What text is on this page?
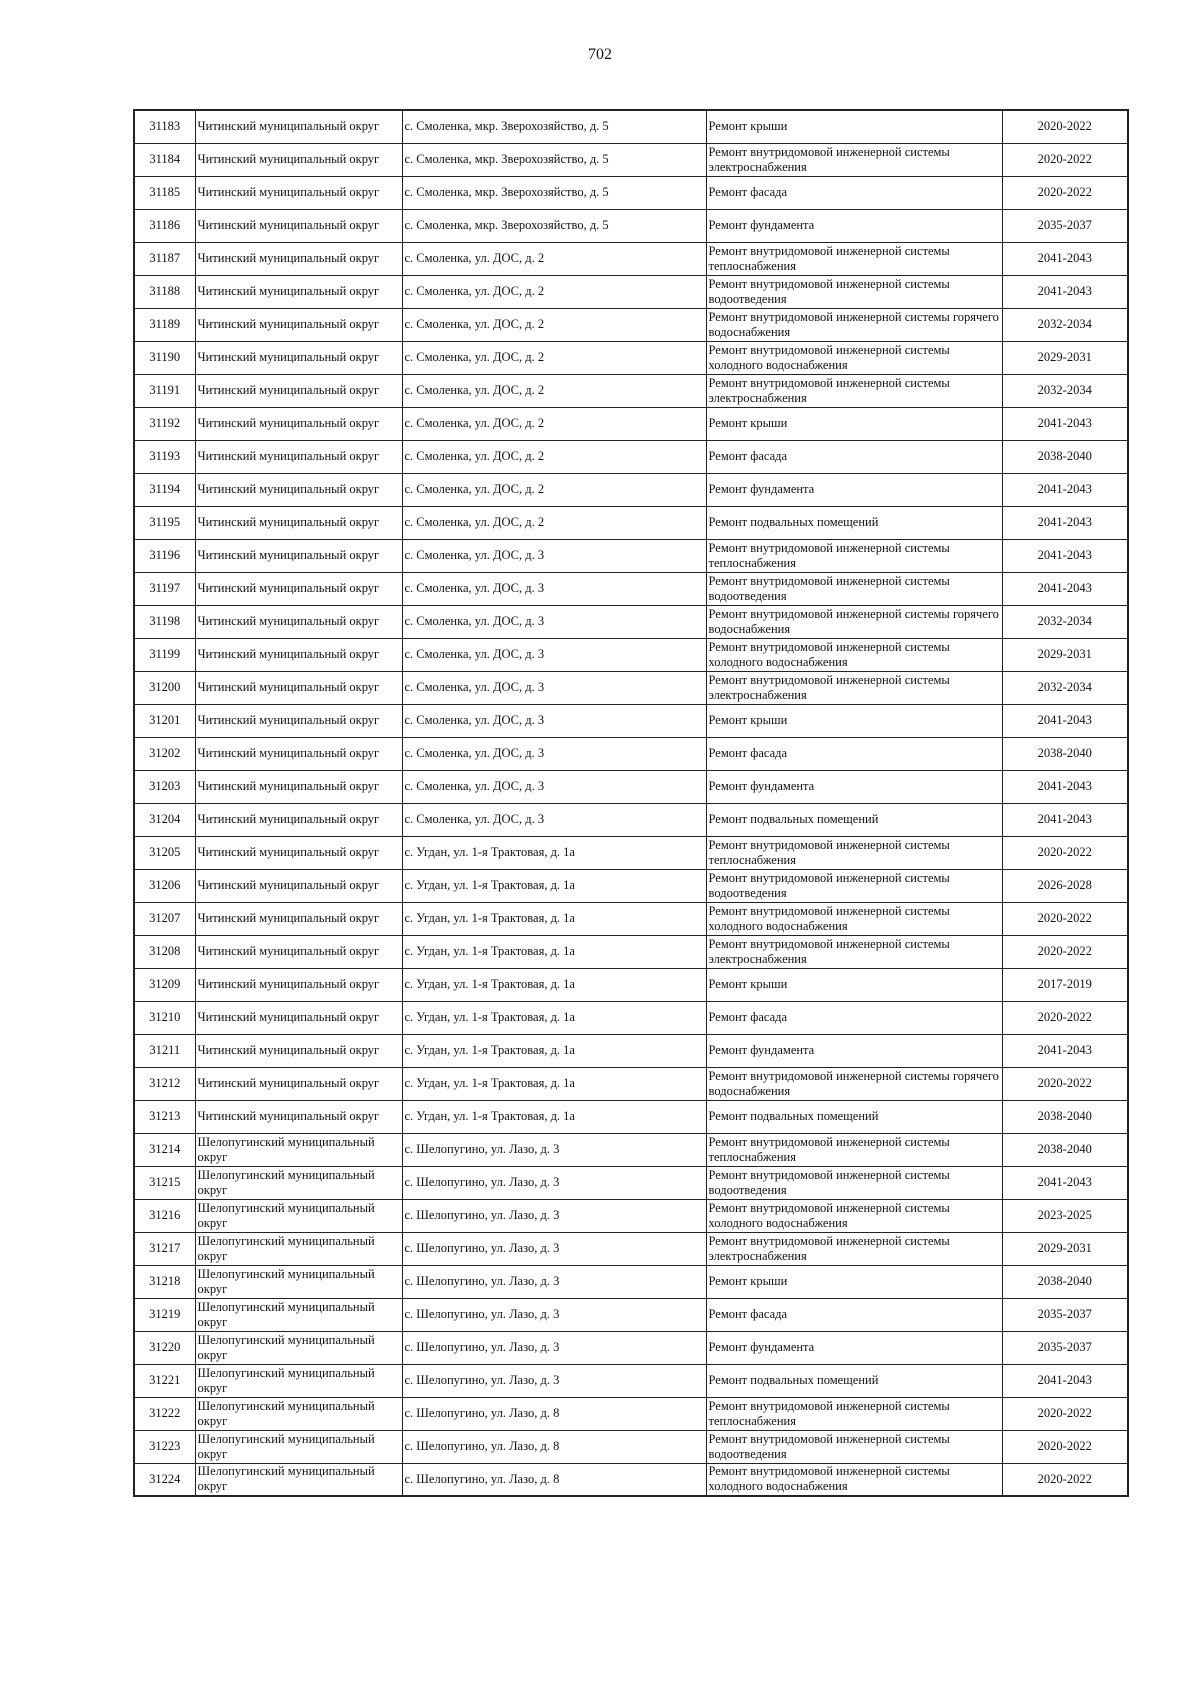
702
31183	Читинский муниципальный округ	с. Смоленка, мкр. Зверохозяйство, д. 5	Ремонт крыши	2020-2022
31184	Читинский муниципальный округ	с. Смоленка, мкр. Зверохозяйство, д. 5	Ремонт внутридомовой инженерной системы электроснабжения	2020-2022
31185	Читинский муниципальный округ	с. Смоленка, мкр. Зверохозяйство, д. 5	Ремонт фасада	2020-2022
31186	Читинский муниципальный округ	с. Смоленка, мкр. Зверохозяйство, д. 5	Ремонт фундамента	2035-2037
31187	Читинский муниципальный округ	с. Смоленка, ул. ДОС, д. 2	Ремонт внутридомовой инженерной системы теплоснабжения	2041-2043
31188	Читинский муниципальный округ	с. Смоленка, ул. ДОС, д. 2	Ремонт внутридомовой инженерной системы водоотведения	2041-2043
31189	Читинский муниципальный округ	с. Смоленка, ул. ДОС, д. 2	Ремонт внутридомовой инженерной системы горячего водоснабжения	2032-2034
31190	Читинский муниципальный округ	с. Смоленка, ул. ДОС, д. 2	Ремонт внутридомовой инженерной системы холодного водоснабжения	2029-2031
31191	Читинский муниципальный округ	с. Смоленка, ул. ДОС, д. 2	Ремонт внутридомовой инженерной системы электроснабжения	2032-2034
31192	Читинский муниципальный округ	с. Смоленка, ул. ДОС, д. 2	Ремонт крыши	2041-2043
31193	Читинский муниципальный округ	с. Смоленка, ул. ДОС, д. 2	Ремонт фасада	2038-2040
31194	Читинский муниципальный округ	с. Смоленка, ул. ДОС, д. 2	Ремонт фундамента	2041-2043
31195	Читинский муниципальный округ	с. Смоленка, ул. ДОС, д. 2	Ремонт подвальных помещений	2041-2043
31196	Читинский муниципальный округ	с. Смоленка, ул. ДОС, д. 3	Ремонт внутридомовой инженерной системы теплоснабжения	2041-2043
31197	Читинский муниципальный округ	с. Смоленка, ул. ДОС, д. 3	Ремонт внутридомовой инженерной системы водоотведения	2041-2043
31198	Читинский муниципальный округ	с. Смоленка, ул. ДОС, д. 3	Ремонт внутридомовой инженерной системы горячего водоснабжения	2032-2034
31199	Читинский муниципальный округ	с. Смоленка, ул. ДОС, д. 3	Ремонт внутридомовой инженерной системы холодного водоснабжения	2029-2031
31200	Читинский муниципальный округ	с. Смоленка, ул. ДОС, д. 3	Ремонт внутридомовой инженерной системы электроснабжения	2032-2034
31201	Читинский муниципальный округ	с. Смоленка, ул. ДОС, д. 3	Ремонт крыши	2041-2043
31202	Читинский муниципальный округ	с. Смоленка, ул. ДОС, д. 3	Ремонт фасада	2038-2040
31203	Читинский муниципальный округ	с. Смоленка, ул. ДОС, д. 3	Ремонт фундамента	2041-2043
31204	Читинский муниципальный округ	с. Смоленка, ул. ДОС, д. 3	Ремонт подвальных помещений	2041-2043
31205	Читинский муниципальный округ	с. Угдан, ул. 1-я Трактовая, д. 1а	Ремонт внутридомовой инженерной системы теплоснабжения	2020-2022
31206	Читинский муниципальный округ	с. Угдан, ул. 1-я Трактовая, д. 1а	Ремонт внутридомовой инженерной системы водоотведения	2026-2028
31207	Читинский муниципальный округ	с. Угдан, ул. 1-я Трактовая, д. 1а	Ремонт внутридомовой инженерной системы холодного водоснабжения	2020-2022
31208	Читинский муниципальный округ	с. Угдан, ул. 1-я Трактовая, д. 1а	Ремонт внутридомовой инженерной системы электроснабжения	2020-2022
31209	Читинский муниципальный округ	с. Угдан, ул. 1-я Трактовая, д. 1а	Ремонт крыши	2017-2019
31210	Читинский муниципальный округ	с. Угдан, ул. 1-я Трактовая, д. 1а	Ремонт фасада	2020-2022
31211	Читинский муниципальный округ	с. Угдан, ул. 1-я Трактовая, д. 1а	Ремонт фундамента	2041-2043
31212	Читинский муниципальный округ	с. Угдан, ул. 1-я Трактовая, д. 1а	Ремонт внутридомовой инженерной системы горячего водоснабжения	2020-2022
31213	Читинский муниципальный округ	с. Угдан, ул. 1-я Трактовая, д. 1а	Ремонт подвальных помещений	2038-2040
31214	Шелопугинский муниципальный округ	с. Шелопугино, ул. Лазо, д. 3	Ремонт внутридомовой инженерной системы теплоснабжения	2038-2040
31215	Шелопугинский муниципальный округ	с. Шелопугино, ул. Лазо, д. 3	Ремонт внутридомовой инженерной системы водоотведения	2041-2043
31216	Шелопугинский муниципальный округ	с. Шелопугино, ул. Лазо, д. 3	Ремонт внутридомовой инженерной системы холодного водоснабжения	2023-2025
31217	Шелопугинский муниципальный округ	с. Шелопугино, ул. Лазо, д. 3	Ремонт внутридомовой инженерной системы электроснабжения	2029-2031
31218	Шелопугинский муниципальный округ	с. Шелопугино, ул. Лазо, д. 3	Ремонт крыши	2038-2040
31219	Шелопугинский муниципальный округ	с. Шелопугино, ул. Лазо, д. 3	Ремонт фасада	2035-2037
31220	Шелопугинский муниципальный округ	с. Шелопугино, ул. Лазо, д. 3	Ремонт фундамента	2035-2037
31221	Шелопугинский муниципальный округ	с. Шелопугино, ул. Лазо, д. 3	Ремонт подвальных помещений	2041-2043
31222	Шелопугинский муниципальный округ	с. Шелопугино, ул. Лазо, д. 8	Ремонт внутридомовой инженерной системы теплоснабжения	2020-2022
31223	Шелопугинский муниципальный округ	с. Шелопугино, ул. Лазо, д. 8	Ремонт внутридомовой инженерной системы водоотведения	2020-2022
31224	Шелопугинский муниципальный округ	с. Шелопугино, ул. Лазо, д. 8	Ремонт внутридомовой инженерной системы холодного водоснабжения	2020-2022
